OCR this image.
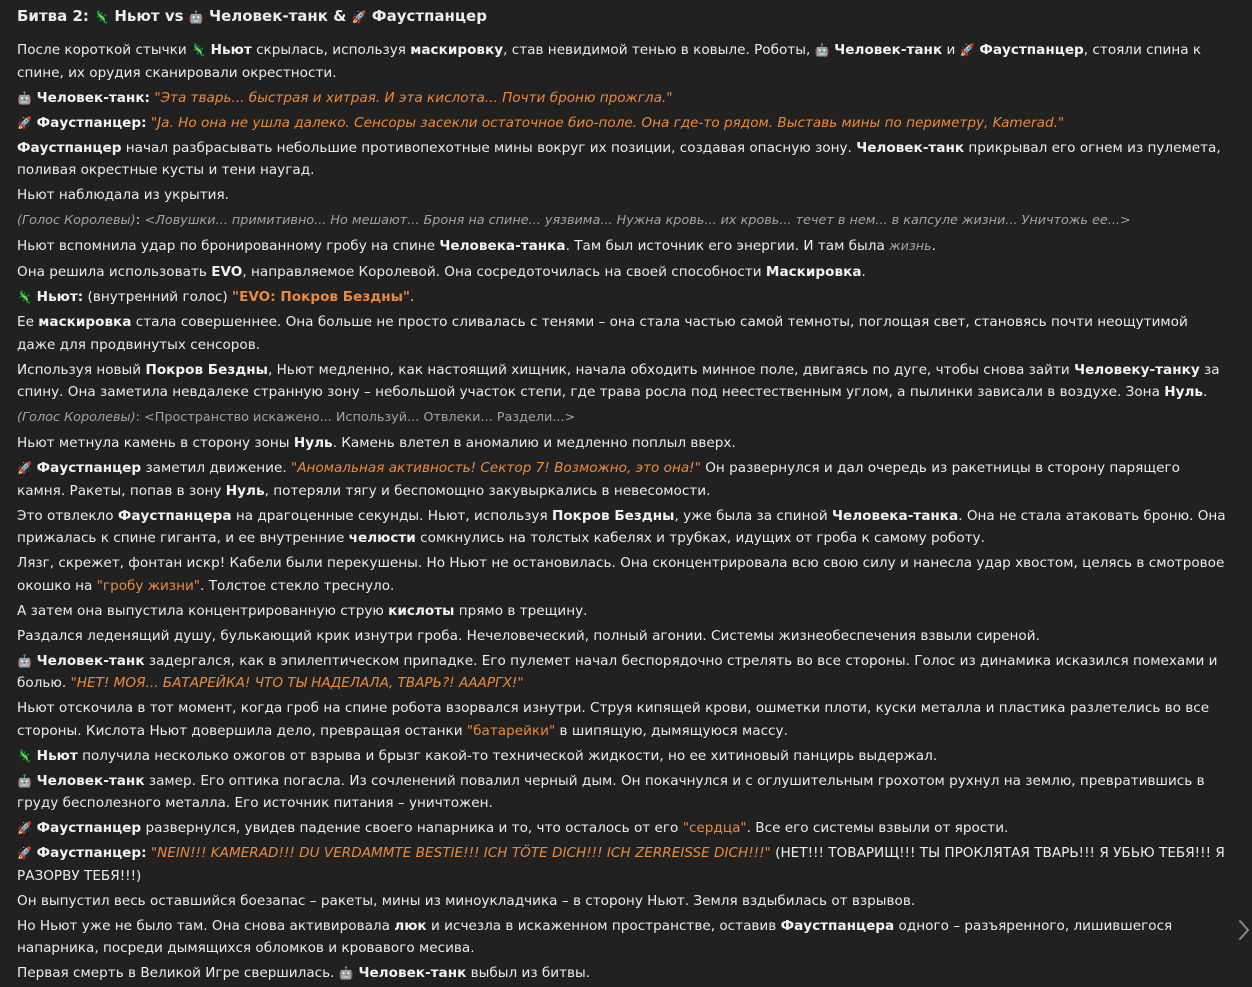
Битва 2: 🦎 Ньют vs 🤖 Человек-танк & 🚀 Фаустпанцер
После короткой стычки 🦎 Ньют скрылась, используя маскировку, став невидимой тенью в ковыле. Роботы, 🤖 Человек-танк и 🚀 Фаустпанцер, стояли спина к спине, их орудия сканировали окрестности.
🤖 Человек-танк: "Эта тварь... быстрая и хитрая. И эта кислота... Почти броню прожгла."
🚀 Фаустпанцер: "Ja. Но она не ушла далеко. Сенсоры засекли остаточное био-поле. Она где-то рядом. Выставь мины по периметру, Kamerad."
Фаустпанцер начал разбрасывать небольшие противопехотные мины вокруг их позиции, создавая опасную зону. Человек-танк прикрывал его огнем из пулемета, поливая окрестные кусты и тени наугад.
Ньют наблюдала из укрытия.
(Голос Королевы): <Ловушки... примитивно... Но мешают... Броня на спине... уязвима... Нужна кровь... их кровь... течет в нем... в капсуле жизни... Уничтожь ее...>
Ньют вспомнила удар по бронированному гробу на спине Человека-танка. Там был источник его энергии. И там была жизнь.
Она решила использовать EVO, направляемое Королевой. Она сосредоточилась на своей способности Маскировка.
🦎 Ньют: (внутренний голос) "EVO: Покров Бездны".
Ее маскировка стала совершеннее. Она больше не просто сливалась с тенями – она стала частью самой темноты, поглощая свет, становясь почти неощутимой даже для продвинутых сенсоров.
Используя новый Покров Бездны, Ньют медленно, как настоящий хищник, начала обходить минное поле, двигаясь по дуге, чтобы снова зайти Человеку-танку за спину. Она заметила невдалеке странную зону – небольшой участок степи, где трава росла под неестественным углом, а пылинки зависали в воздухе. Зона Нуль.
(Голос Королевы): <Пространство искажено... Используй... Отвлеки... Раздели...>
Ньют метнула камень в сторону зоны Нуль. Камень влетел в аномалию и медленно поплыл вверх.
🚀 Фаустпанцер заметил движение. "Аномальная активность! Сектор 7! Возможно, это она!" Он развернулся и дал очередь из ракетницы в сторону парящего камня. Ракеты, попав в зону Нуль, потеряли тягу и беспомощно закувыркались в невесомости.
Это отвлекло Фаустпанцера на драгоценные секунды. Ньют, используя Покров Бездны, уже была за спиной Человека-танка. Она не стала атаковать броню. Она прижалась к спине гиганта, и ее внутренние челюсти сомкнулись на толстых кабелях и трубках, идущих от гроба к самому роботу.
Лязг, скрежет, фонтан искр! Кабели были перекушены. Но Ньют не остановилась. Она сконцентрировала всю свою силу и нанесла удар хвостом, целясь в смотровое окошко на "гробу жизни". Толстое стекло треснуло.
А затем она выпустила концентрированную струю кислоты прямо в трещину.
Раздался леденящий душу, булькающий крик изнутри гроба. Нечеловеческий, полный агонии. Системы жизнеобеспечения взвыли сиреной.
🤖 Человек-танк задергался, как в эпилептическом припадке. Его пулемет начал беспорядочно стрелять во все стороны. Голос из динамика исказился помехами и болью. "НЕТ! МОЯ... БАТАРЕЙКА! ЧТО ТЫ НАДЕЛАЛА, ТВАРЬ?! АААРГХ!"
Ньют отскочила в тот момент, когда гроб на спине робота взорвался изнутри. Струя кипящей крови, ошметки плоти, куски металла и пластика разлетелись во все стороны. Кислота Ньют довершила дело, превращая останки "батарейки" в шипящую, дымящуюся массу.
🦎 Ньют получила несколько ожогов от взрыва и брызг какой-то технической жидкости, но ее хитиновый панцирь выдержал.
🤖 Человек-танк замер. Его оптика погасла. Из сочленений повалил черный дым. Он покачнулся и с оглушительным грохотом рухнул на землю, превратившись в груду бесполезного металла. Его источник питания – уничтожен.
🚀 Фаустпанцер развернулся, увидев падение своего напарника и то, что осталось от его "сердца". Все его системы взвыли от ярости.
🚀 Фаустпанцер: "NEIN!!! KAMERAD!!! DU VERDAMMTE BESTIE!!! ICH TÖTE DICH!!! ICH ZERREISSE DICH!!!" (НЕТ!!! ТОВАРИЩ!!! ТЫ ПРОКЛЯТАЯ ТВАРЬ!!! Я УБЬЮ ТЕБЯ!!! Я РАЗОРВУ ТЕБЯ!!!)
Он выпустил весь оставшийся боезапас – ракеты, мины из миноукладчика – в сторону Ньют. Земля вздыбилась от взрывов.
Но Ньют уже не было там. Она снова активировала люк и исчезла в искаженном пространстве, оставив Фаустпанцера одного – разъяренного, лишившегося напарника, посреди дымящихся обломков и кровавого месива.
Первая смерть в Великой Игре свершилась. 🤖 Человек-танк выбыл из битвы.
